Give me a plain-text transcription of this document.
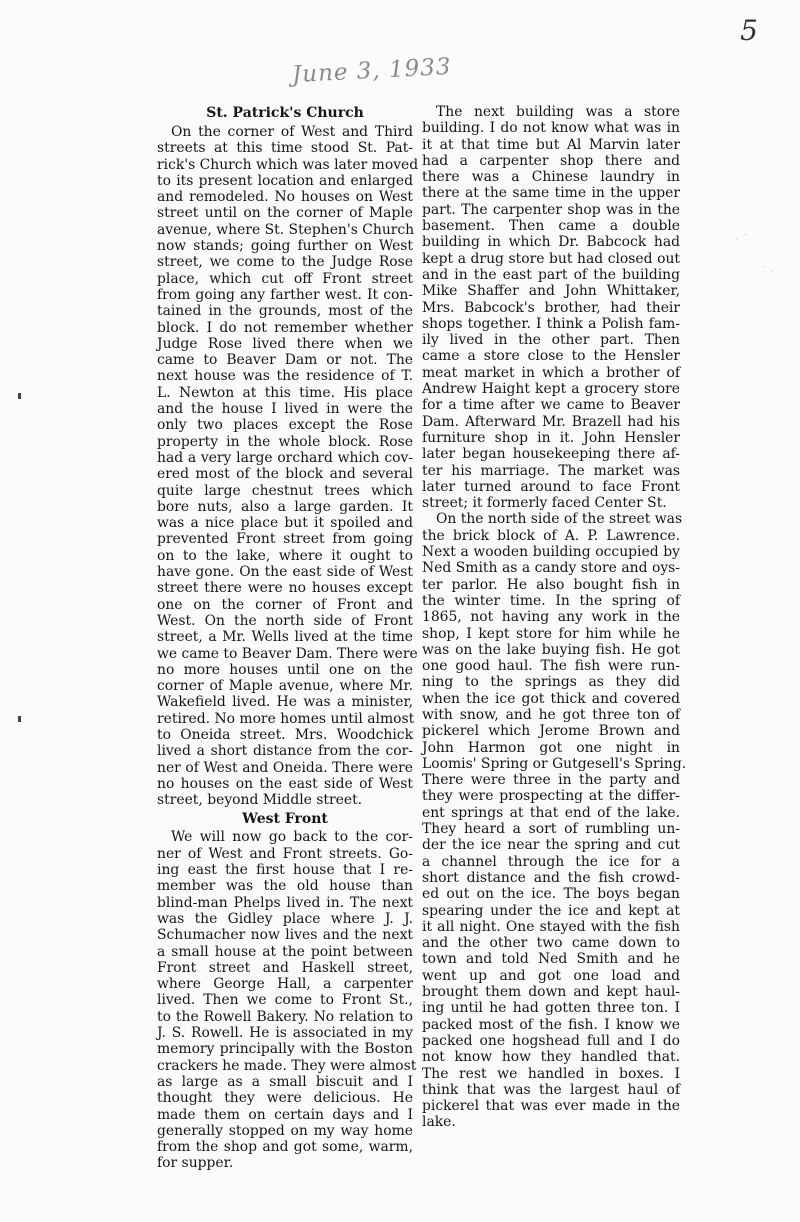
5
June 3, 1933
· ˙
˙ ·
St. Patrick's Church
On the corner of West and Third
streets at this time stood St. Pat-
rick's Church which was later moved
to its present location and enlarged
and remodeled. No houses on West
street until on the corner of Maple
avenue, where St. Stephen's Church
now stands; going further on West
street, we come to the Judge Rose
place, which cut off Front street
from going any farther west. It con-
tained in the grounds, most of the
block. I do not remember whether
Judge Rose lived there when we
came to Beaver Dam or not. The
next house was the residence of T.
L. Newton at this time. His place
and the house I lived in were the
only two places except the Rose
property in the whole block. Rose
had a very large orchard which cov-
ered most of the block and several
quite large chestnut trees which
bore nuts, also a large garden. It
was a nice place but it spoiled and
prevented Front street from going
on to the lake, where it ought to
have gone. On the east side of West
street there were no houses except
one on the corner of Front and
West. On the north side of Front
street, a Mr. Wells lived at the time
we came to Beaver Dam. There were
no more houses until one on the
corner of Maple avenue, where Mr.
Wakefield lived. He was a minister,
retired. No more homes until almost
to Oneida street. Mrs. Woodchick
lived a short distance from the cor-
ner of West and Oneida. There were
no houses on the east side of West
street, beyond Middle street.
West Front
We will now go back to the cor-
ner of West and Front streets. Go-
ing east the first house that I re-
member was the old house than
blind-man Phelps lived in. The next
was the Gidley place where J. J.
Schumacher now lives and the next
a small house at the point between
Front street and Haskell street,
where George Hall, a carpenter
lived. Then we come to Front St.,
to the Rowell Bakery. No relation to
J. S. Rowell. He is associated in my
memory principally with the Boston
crackers he made. They were almost
as large as a small biscuit and I
thought they were delicious. He
made them on certain days and I
generally stopped on my way home
from the shop and got some, warm,
for supper.
The next building was a store
building. I do not know what was in
it at that time but Al Marvin later
had a carpenter shop there and
there was a Chinese laundry in
there at the same time in the upper
part. The carpenter shop was in the
basement. Then came a double
building in which Dr. Babcock had
kept a drug store but had closed out
and in the east part of the building
Mike Shaffer and John Whittaker,
Mrs. Babcock's brother, had their
shops together. I think a Polish fam-
ily lived in the other part. Then
came a store close to the Hensler
meat market in which a brother of
Andrew Haight kept a grocery store
for a time after we came to Beaver
Dam. Afterward Mr. Brazell had his
furniture shop in it. John Hensler
later began housekeeping there af-
ter his marriage. The market was
later turned around to face Front
street; it formerly faced Center St.
On the north side of the street was
the brick block of A. P. Lawrence.
Next a wooden building occupied by
Ned Smith as a candy store and oys-
ter parlor. He also bought fish in
the winter time. In the spring of
1865, not having any work in the
shop, I kept store for him while he
was on the lake buying fish. He got
one good haul. The fish were run-
ning to the springs as they did
when the ice got thick and covered
with snow, and he got three ton of
pickerel which Jerome Brown and
John Harmon got one night in
Loomis' Spring or Gutgesell's Spring.
There were three in the party and
they were prospecting at the differ-
ent springs at that end of the lake.
They heard a sort of rumbling un-
der the ice near the spring and cut
a channel through the ice for a
short distance and the fish crowd-
ed out on the ice. The boys began
spearing under the ice and kept at
it all night. One stayed with the fish
and the other two came down to
town and told Ned Smith and he
went up and got one load and
brought them down and kept haul-
ing until he had gotten three ton. I
packed most of the fish. I know we
packed one hogshead full and I do
not know how they handled that.
The rest we handled in boxes. I
think that was the largest haul of
pickerel that was ever made in the
lake.
